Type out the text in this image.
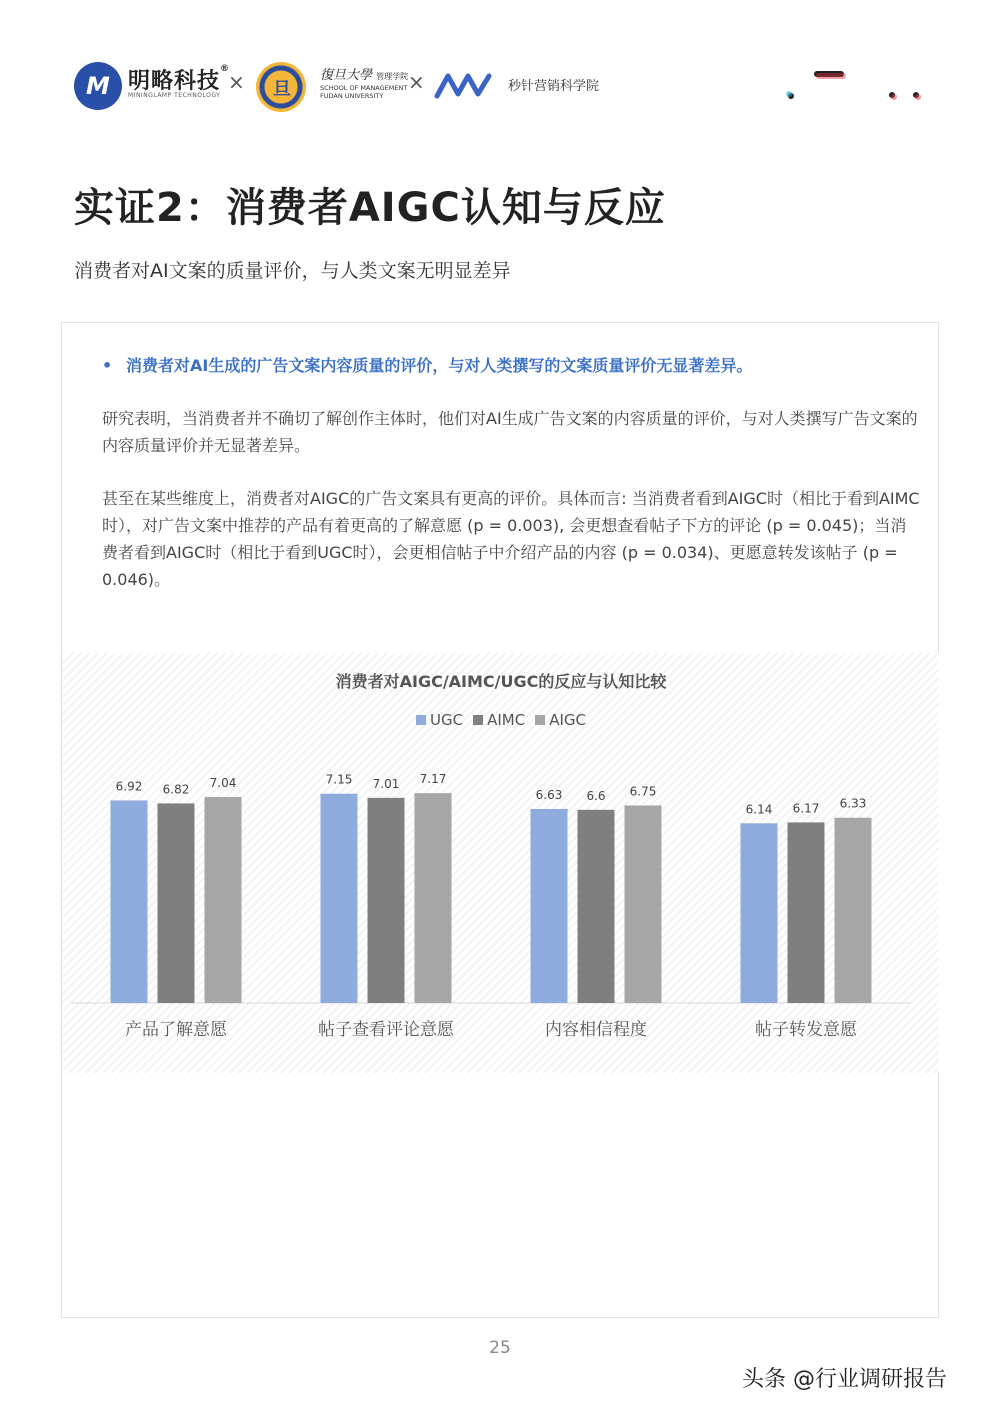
M 明略科技®
MININGLAMP TECHNOLOGY
× 旦
復旦大學 管理学院
SCHOOL OF MANAGEMENT
FUDAN UNIVERSITY
×	秒针营销科学院
实证2：消费者AIGC认知与反应
消费者对AI文案的质量评价，与人类文案无明显差异
• 消费者对AI生成的广告文案内容质量的评价，与对人类撰写的文案质量评价无显著差异。
研究表明，当消费者并不确切了解创作主体时，他们对AI生成广告文案的内容质量的评价，与对人类撰写广告文案的内容质量评价并无显著差异。
甚至在某些维度上，消费者对AIGC的广告文案具有更高的评价。具体而言: 当消费者看到AIGC时（相比于看到AIMC时），对广告文案中推荐的产品有着更高的了解意愿 (p = 0.003), 会更想查看帖子下方的评论 (p = 0.045)；当消费者看到AIGC时（相比于看到UGC时），会更相信帖子中介绍产品的内容 (p = 0.034)、更愿意转发该帖子 (p = 0.046)。
消费者对AIGC/AIMC/UGC的反应与认知比较
UGC AIMC AIGC
6.92 6.82 7.04
产品了解意愿
7.15 7.01 7.17
帖子查看评论意愿
6.63 6.6 6.75
内容相信程度
6.14 6.17 6.33
帖子转发意愿
25
头条 @行业调研报告
